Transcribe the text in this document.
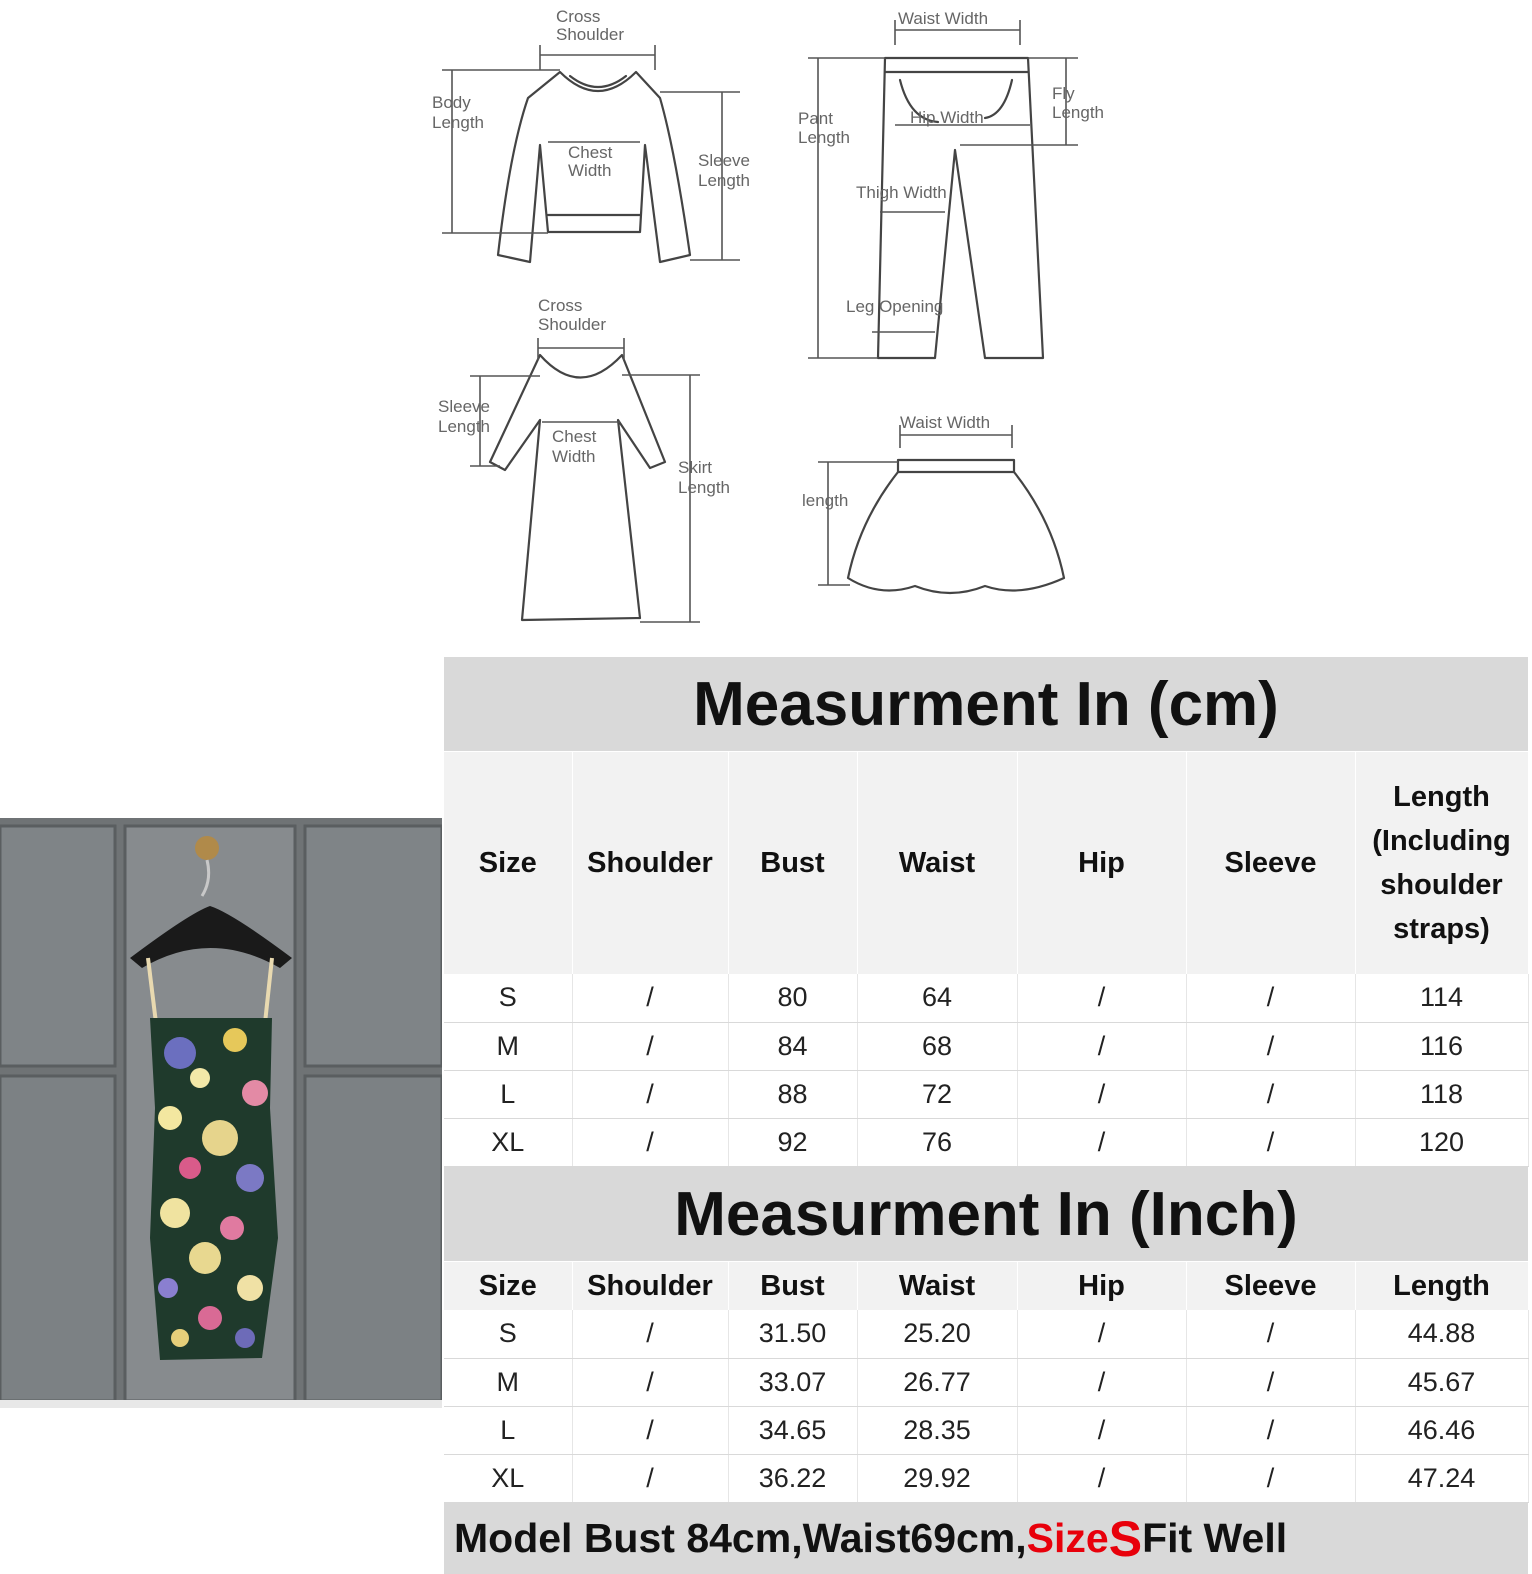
Cross
Shoulder
Body
Length
Chest
Width
Sleeve
Length
Waist Width
Pant
Length
Hip Width
Fly
Length
Thigh Width
Leg Opening
Cross
Shoulder
Sleeve
Length
Chest
Width
Skirt
Length
Waist Width
length
Measurment In (cm)
Size	Shoulder	Bust	Waist	Hip	Sleeve	Length (Including shoulder straps)
S	/	80	64	/	/	114
M	/	84	68	/	/	116
L	/	88	72	/	/	118
XL	/	92	76	/	/	120
Measurment In (Inch)
Size	Shoulder	Bust	Waist	Hip	Sleeve	Length
S	/	31.50	25.20	/	/	44.88
M	/	33.07	26.77	/	/	45.67
L	/	34.65	28.35	/	/	46.46
XL	/	36.22	29.92	/	/	47.24
Model Bust 84cm,Waist69cm, Size S Fit Well
